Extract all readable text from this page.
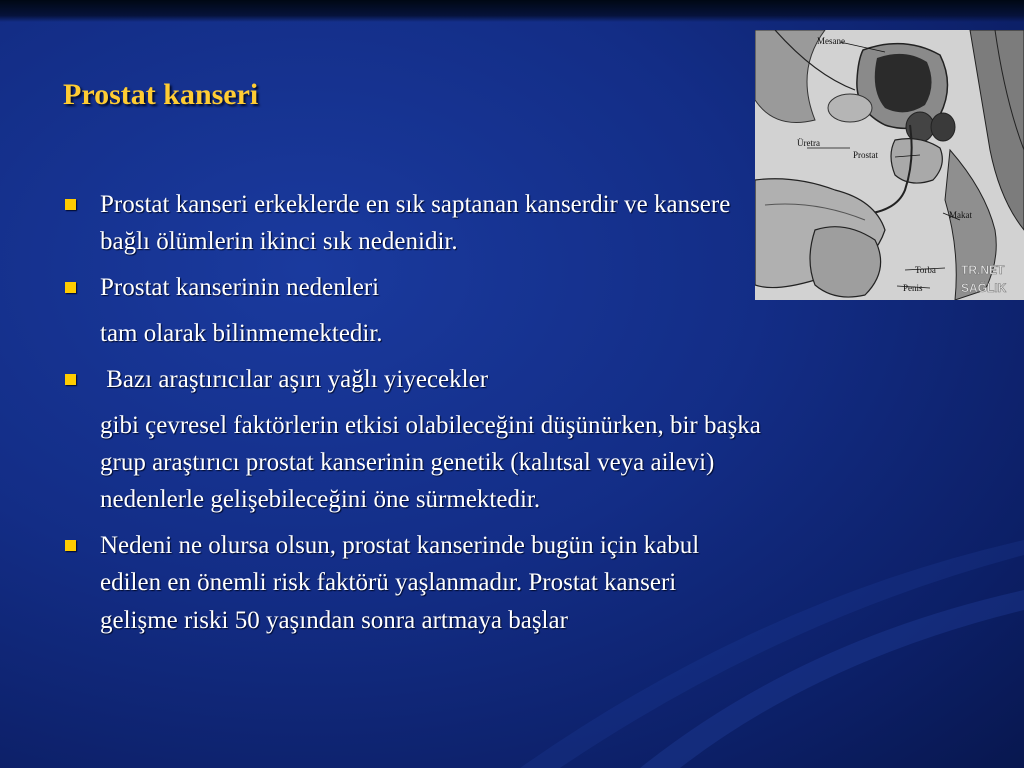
Prostat kanseri

Prostat kanseri erkeklerde en sık saptanan kanserdir ve kansere
bağlı ölümlerin ikinci sık nedenidir.

Prostat kanserinin nedenleri

tam olarak bilinmemektedir.

Bazı araştırıcılar aşırı yağlı yiyecekler

gibi çevresel faktörlerin etkisi olabileceğini düşünürken, bir başka
grup araştırıcı prostat kanserinin genetik (kalıtsal veya ailevi)
nedenlerle gelişebileceğini öne sürmektedir.

Nedeni ne olursa olsun, prostat kanserinde bugün için kabul
edilen en önemli risk faktörü yaşlanmadır. Prostat kanseri

gelişme riski 50 yaşından sonra artmaya başlar

Mesane
Üretra
Prostat
Makat
Torba
Penis
TR.NET
SAĞLIK
